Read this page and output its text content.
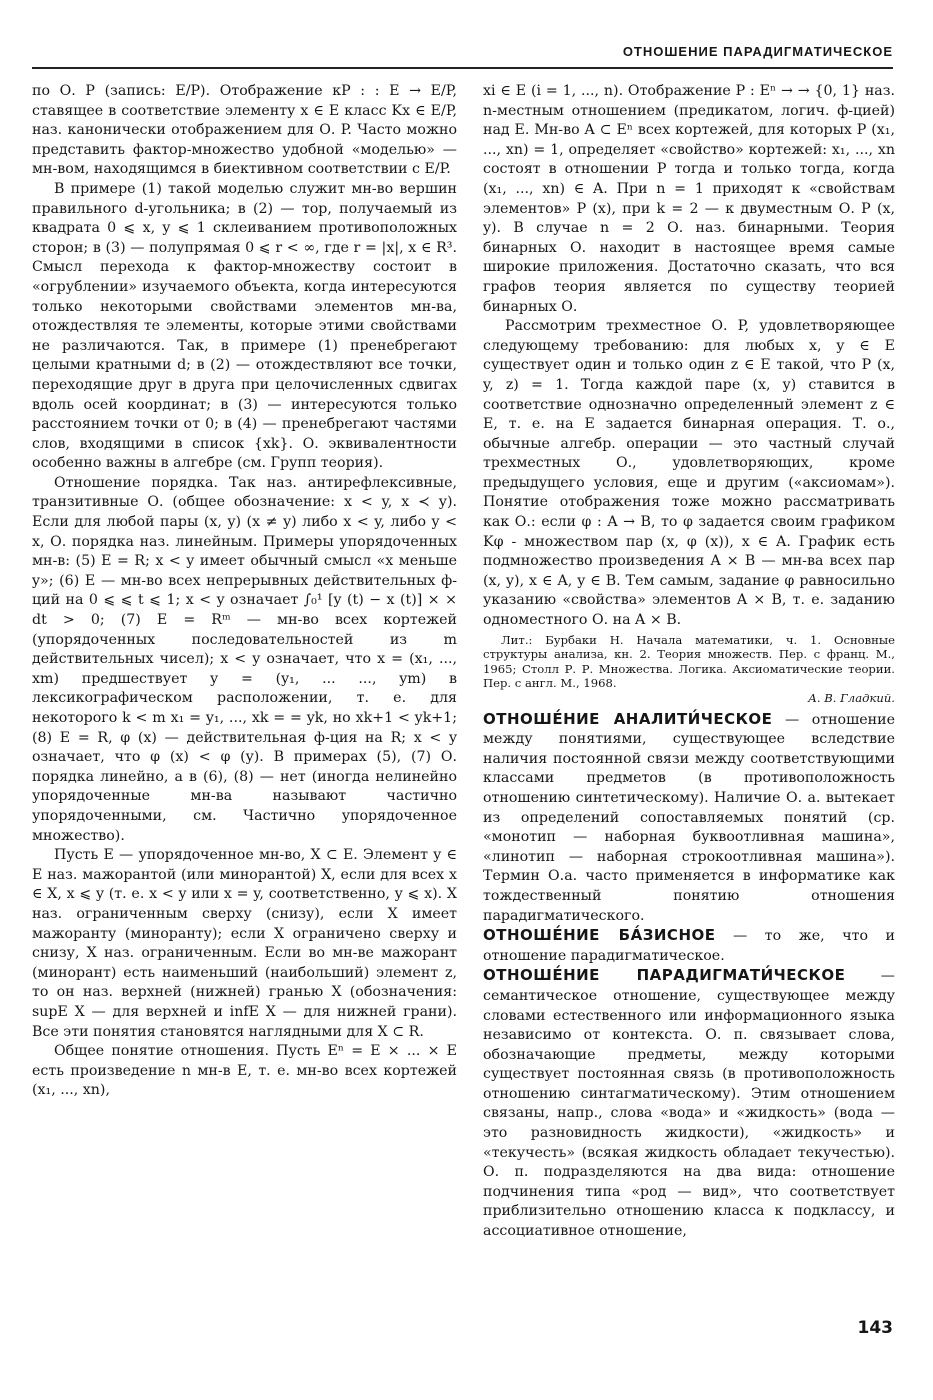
ОТНОШЕНИЕ ПАРАДИГМАТИЧЕСКОЕ

по О. P (запись: E/P). Отображение κP : : E → E/P, ставящее в соответствие элементу x ∈ E класс Kx ∈ E/P, наз. канонически отображением для О. P. Часто можно представить фактор-множество удобной «моделью» — мн-вом, находящимся в биективном соответствии с E/P.

В примере (1) такой моделью служит мн-во вершин правильного d-угольника; в (2) — тор, получаемый из квадрата 0 ⩽ x, y ⩽ 1 склеиванием противоположных сторон; в (3) — полупрямая 0 ⩽ r < ∞, где r = |x|, x ∈ R³. Смысл перехода к фактор-множеству состоит в «огрублении» изучаемого объекта, когда интересуются только некоторыми свойствами элементов мн-ва, отождествляя те элементы, которые этими свойствами не различаются. Так, в примере (1) пренебрегают целыми кратными d; в (2) — отождествляют все точки, переходящие друг в друга при целочисленных сдвигах вдоль осей координат; в (3) — интересуются только расстоянием точки от 0; в (4) — пренебрегают частями слов, входящими в список {xk}. О. эквивалентности особенно важны в алгебре (см. Групп теория).

Отношение порядка. Так наз. антирефлексивные, транзитивные О. (общее обозначение: x < y, x ≺ y). Если для любой пары (x, y) (x ≠ y) либо x < y, либо y < x, О. порядка наз. линейным. Примеры упорядоченных мн-в: (5) E = R; x < y имеет обычный смысл «x меньше y»; (6) E — мн-во всех непрерывных действительных ф-ций на 0 ⩽ ⩽ t ⩽ 1; x < y означает ∫₀¹ [y (t) − x (t)] × × dt > 0; (7) E = Rᵐ — мн-во всех кортежей (упорядоченных последовательностей из m действительных чисел); x < y означает, что x = (x₁, ..., xm) предшествует y = (y₁, ... ..., ym) в лексикографическом расположении, т. е. для некоторого k < m x₁ = y₁, ..., xk = = yk, но xk+1 < yk+1; (8) E = R, φ (x) — действительная ф-ция на R; x < y означает, что φ (x) < φ (y). В примерах (5), (7) О. порядка линейно, а в (6), (8) — нет (иногда нелинейно упорядоченные мн-ва называют частично упорядоченными, см. Частично упорядоченное множество).

Пусть E — упорядоченное мн-во, X ⊂ E. Элемент y ∈ E наз. мажорантой (или минорантой) X, если для всех x ∈ X, x ⩽ y (т. е. x < y или x = y, соответственно, y ⩽ x). X наз. ограниченным сверху (снизу), если X имеет мажоранту (миноранту); если X ограничено сверху и снизу, X наз. ограниченным. Если во мн-ве мажорант (минорант) есть наименьший (наибольший) элемент z, то он наз. верхней (нижней) гранью X (обозначения: supE X — для верхней и infE X — для нижней грани). Все эти понятия становятся наглядными для X ⊂ R.

Общее понятие отношения. Пусть Eⁿ = E × ... × E есть произведение n мн-в E, т. е. мн-во всех кортежей (x₁, ..., xn),

xi ∈ E (i = 1, ..., n). Отображение P : Eⁿ → → {0, 1} наз. n-местным отношением (предикатом, логич. ф-цией) над E. Мн-во A ⊂ Eⁿ всех кортежей, для которых P (x₁, ..., xn) = 1, определяет «свойство» кортежей: x₁, ..., xn состоят в отношении P тогда и только тогда, когда (x₁, ..., xn) ∈ A. При n = 1 приходят к «свойствам элементов» P (x), при k = 2 — к двуместным О. P (x, y). В случае n = 2 О. наз. бинарными. Теория бинарных О. находит в настоящее время самые широкие приложения. Достаточно сказать, что вся графов теория является по существу теорией бинарных О.

Рассмотрим трехместное О. P, удовлетворяющее следующему требованию: для любых x, y ∈ E существует один и только один z ∈ E такой, что P (x, y, z) = 1. Тогда каждой паре (x, y) ставится в соответствие однозначно определенный элемент z ∈ E, т. е. на E задается бинарная операция. Т. о., обычные алгебр. операции — это частный случай трехместных О., удовлетворяющих, кроме предыдущего условия, еще и другим («аксиомам»). Понятие отображения тоже можно рассматривать как О.: если φ : A → B, то φ задается своим графиком Kφ - множеством пар (x, φ (x)), x ∈ A. График есть подмножество произведения A × B — мн-ва всех пар (x, y), x ∈ A, y ∈ B. Тем самым, задание φ равносильно указанию «свойства» элементов A × B, т. е. заданию одноместного О. на A × B.

Лит.: Бурбаки Н. Начала математики, ч. 1. Основные структуры анализа, кн. 2. Теория множеств. Пер. с франц. М., 1965; Столл Р. Р. Множества. Логика. Аксиоматические теории. Пер. с англ. М., 1968.
А. В. Гладкий.

ОТНОШЕ́НИЕ АНАЛИТИ́ЧЕСКОЕ — отношение между понятиями, существующее вследствие наличия постоянной связи между соответствующими классами предметов (в противоположность отношению синтетическому). Наличие О. а. вытекает из определений сопоставляемых понятий (ср. «монотип — наборная буквоотливная машина», «линотип — наборная строкоотливная машина»). Термин О.а. часто применяется в информатике как тождественный понятию отношения парадигматического.

ОТНОШЕ́НИЕ БА́ЗИСНОЕ — то же, что и отношение парадигматическое.

ОТНОШЕ́НИЕ ПАРАДИГМАТИ́ЧЕСКОЕ — семантическое отношение, существующее между словами естественного или информационного языка независимо от контекста. О. п. связывает слова, обозначающие предметы, между которыми существует постоянная связь (в противоположность отношению синтагматическому). Этим отношением связаны, напр., слова «вода» и «жидкость» (вода — это разновидность жидкости), «жидкость» и «текучесть» (всякая жидкость обладает текучестью). О. п. подразделяются на два вида: отношение подчинения типа «род — вид», что соответствует приблизительно отношению класса к подклассу, и ассоциативное отношение,

143
